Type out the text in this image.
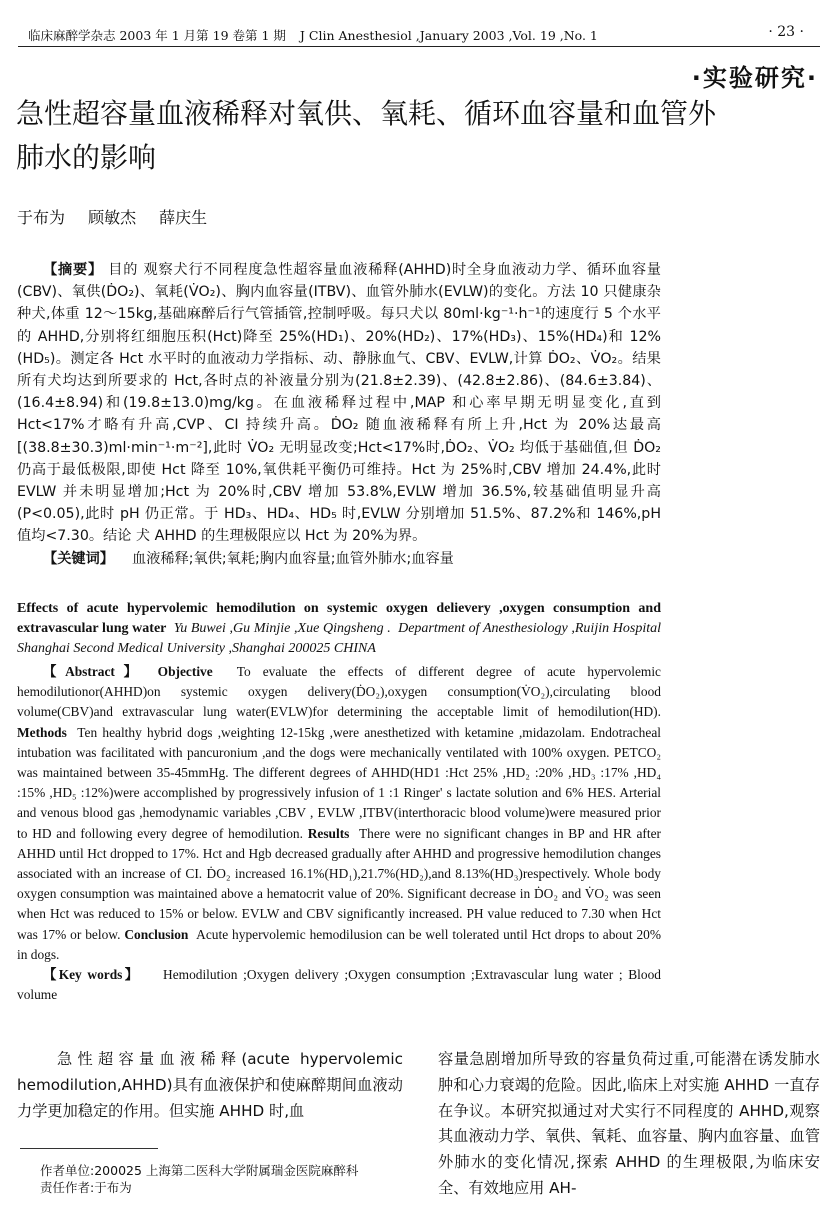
临床麻醉学杂志 2003 年 1 月第 19 卷第 1 期 J Clin Anesthesiol ,January 2003 ,Vol. 19 ,No. 1	· 23 ·
·实验研究·
急性超容量血液稀释对氧供、氧耗、循环血容量和血管外肺水的影响
于布为 顾敏杰 薛庆生

【摘要】 目的 观察犬行不同程度急性超容量血液稀释(AHHD)时全身血液动力学、循环血容量(CBV)、氧供(ḊO₂)、氧耗(V̇O₂)、胸内血容量(ITBV)、血管外肺水(EVLW)的变化。方法 10 只健康杂种犬,体重 12～15kg,基础麻醉后行气管插管,控制呼吸。每只犬以 80ml·kg⁻¹·h⁻¹的速度行 5 个水平的 AHHD,分别将红细胞压积(Hct)降至 25%(HD₁)、20%(HD₂)、17%(HD₃)、15%(HD₄)和 12%(HD₅)。测定各 Hct 水平时的血液动力学指标、动、静脉血气、CBV、EVLW,计算 ḊO₂、V̇O₂。结果 所有犬均达到所要求的 Hct,各时点的补液量分别为(21.8±2.39)、(42.8±2.86)、(84.6±3.84)、(16.4±8.94)和(19.8±13.0)mg/kg。在血液稀释过程中,MAP 和心率早期无明显变化,直到 Hct<17%才略有升高,CVP、CI 持续升高。ḊO₂ 随血液稀释有所上升,Hct 为 20%达最高[(38.8±30.3)ml·min⁻¹·m⁻²],此时 V̇O₂ 无明显改变;Hct<17%时,ḊO₂、V̇O₂ 均低于基础值,但 ḊO₂ 仍高于最低极限,即使 Hct 降至 10%,氧供耗平衡仍可维持。Hct 为 25%时,CBV 增加 24.4%,此时 EVLW 并未明显增加;Hct 为 20%时,CBV 增加 53.8%,EVLW 增加 36.5%,较基础值明显升高(P<0.05),此时 pH 仍正常。于 HD₃、HD₄、HD₅ 时,EVLW 分别增加 51.5%、87.2%和 146%,pH 值均<7.30。结论 犬 AHHD 的生理极限应以 Hct 为 20%为界。

【关键词】 血液稀释;氧供;氧耗;胸内血容量;血管外肺水;血容量

Effects of acute hypervolemic hemodilution on systemic oxygen delievery ,oxygen consumption and extravascular lung water Yu Buwei ,Gu Minjie ,Xue Qingsheng . Department of Anesthesiology ,Ruijin Hospital Shanghai Second Medical University ,Shanghai 200025 CHINA

【Abstract】 Objective To evaluate the effects of different degree of acute hypervolemic hemodilutionor(AHHD)on systemic oxygen delivery(ḊO₂),oxygen consumption(V̇O₂),circulating blood volume(CBV)and extravascular lung water(EVLW)for determining the acceptable limit of hemodilution(HD). Methods Ten healthy hybrid dogs ,weighting 12-15kg ,were anesthetized with ketamine ,midazolam. Endotracheal intubation was facilitated with pancuronium ,and the dogs were mechanically ventilated with 100% oxygen. PETCO₂ was maintained between 35-45mmHg. The different degrees of AHHD(HD1 :Hct 25% ,HD₂ :20% ,HD₃ :17% ,HD₄ :15% ,HD₅ :12%)were accomplished by progressively infusion of 1 :1 Ringer' s lactate solution and 6% HES. Arterial and venous blood gas ,hemodynamic variables ,CBV , EVLW ,ITBV(interthoracic blood volume)were measured prior to HD and following every degree of hemodilution. Results There were no significant changes in BP and HR after AHHD until Hct dropped to 17%. Hct and Hgb decreased gradually after AHHD and progressive hemodilution changes associated with an increase of CI. ḊO₂ increased 16.1%(HD₁),21.7%(HD₂),and 8.13%(HD₃)respectively. Whole body oxygen consumption was maintained above a hematocrit value of 20%. Significant decrease in ḊO₂ and V̇O₂ was seen when Hct was reduced to 15% or below. EVLW and CBV significantly increased. PH value reduced to 7.30 when Hct was 17% or below. Conclusion Acute hypervolemic hemodilusion can be well tolerated until Hct drops to about 20% in dogs.

【Key words】 Hemodilution ;Oxygen delivery ;Oxygen consumption ;Extravascular lung water ; Blood volume

急性超容量血液稀释(acute hypervolemic hemodilution,AHHD)具有血液保护和使麻醉期间血液动力学更加稳定的作用。但实施 AHHD 时,血
容量急剧增加所导致的容量负荷过重,可能潜在诱发肺水肿和心力衰竭的危险。因此,临床上对实施 AHHD 一直存在争议。本研究拟通过对犬实行不同程度的 AHHD,观察其血液动力学、氧供、氧耗、血容量、胸内血容量、血管外肺水的变化情况,探索 AHHD 的生理极限,为临床安全、有效地应用 AH-
作者单位:200025 上海第二医科大学附属瑞金医院麻醉科
责任作者:于布为
